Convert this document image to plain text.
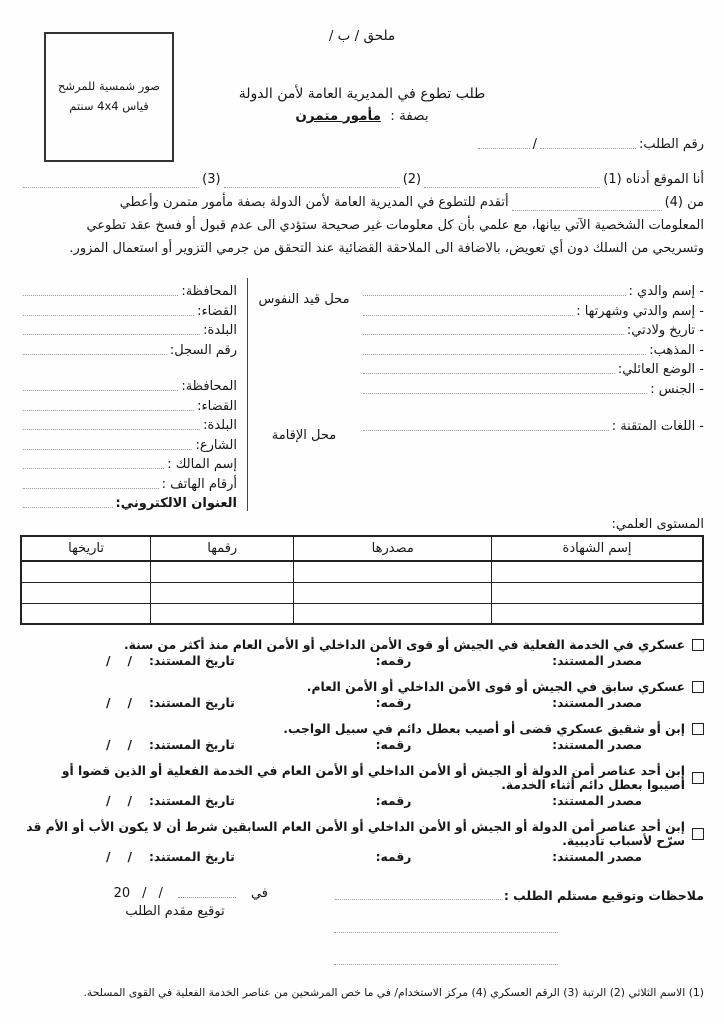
ملحق / ب /
صور شمسية للمرشح
قياس 4x4 سنتم
طلب تطوع في المديرية العامة لأمن الدولة
بصفة : مأمور متمرن
رقم الطلب:
/
أنا الموقع أدناه (1)
(2)
(3)
من (4)
أتقدم للتطوع في المديرية العامة لأمن الدولة بصفة مأمور متمرن وأعطي
المعلومات الشخصية الآتي بيانها، مع علمي بأن كل معلومات غير صحيحة ستؤدي الى عدم قبول أو فسخ عقد تطوعي
وتسريحي من السلك دون أي تعويض، بالاضافة الى الملاحقة القضائية عند التحقق من جرمي التزوير أو استعمال المزور.
- إسم والدي :
- إسم والدتي وشهرتها :
- تاريخ ولادتي:
- المذهب:
- الوضع العائلي:
- الجنس :
- اللغات المتقنة :
محل قيد النفوس
محل الإقامة
المحافظة:
القضاء:
البلدة:
رقم السجل:
المحافظة:
القضاء:
البلدة:
الشارع:
إسم المالك :
أرقام الهاتف :
العنوان الالكتروني:
المستوى العلمي:
إسم الشهادة	مصدرها	رقمها	تاريخها

عسكري في الخدمة الفعلية في الجيش أو قوى الأمن الداخلي أو الأمن العام منذ أكثر من سنة.
مصدر المستند:
رقمه:
تاريخ المستند:
/
/
عسكري سابق في الجيش أو قوى الأمن الداخلي أو الأمن العام.
مصدر المستند:
رقمه:
تاريخ المستند:
/
/
إبن أو شقيق عسكري قضى أو أصيب بعطل دائم في سبيل الواجب.
مصدر المستند:
رقمه:
تاريخ المستند:
/
/
إبن أحد عناصر أمن الدولة أو الجيش أو الأمن الداخلي أو الأمن العام في الخدمة الفعلية أو الذين قضوا أو أصيبوا بعطل دائم أثناء الخدمة.
مصدر المستند:
رقمه:
تاريخ المستند:
/
/
إبن أحد عناصر أمن الدولة أو الجيش أو الأمن الداخلي أو الأمن العام السابقين شرط أن لا يكون الأب أو الأم قد سرّح لأسباب تأديبية.
مصدر المستند:
رقمه:
تاريخ المستند:
/
/
ملاحظات وتوقيع مستلم الطلب :
في
/
/
20
توقيع مقدم الطلب
(1) الاسم الثلاثي (2) الرتبة (3) الرقم العسكري (4) مركز الاستخدام/ في ما خص المرشحين من عناصر الخدمة الفعلية في القوى المسلحة.
